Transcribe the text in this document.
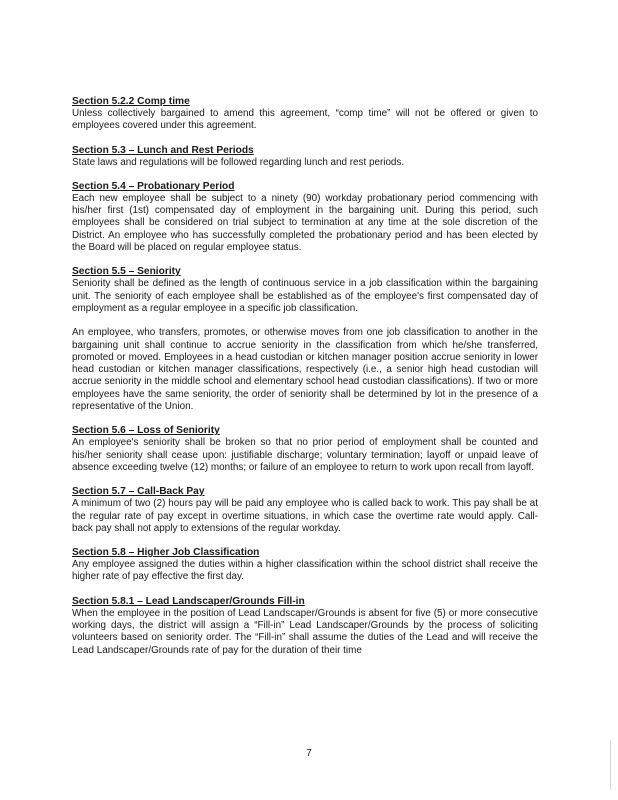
Section 5.2.2 Comp time

Unless collectively bargained to amend this agreement, “comp time” will not be offered or given to employees covered under this agreement.

Section 5.3 – Lunch and Rest Periods

State laws and regulations will be followed regarding lunch and rest periods.

Section 5.4 – Probationary Period

Each new employee shall be subject to a ninety (90) workday probationary period commencing with his/her first (1st) compensated day of employment in the bargaining unit. During this period, such employees shall be considered on trial subject to termination at any time at the sole discretion of the District. An employee who has successfully completed the probationary period and has been elected by the Board will be placed on regular employee status.

Section 5.5 – Seniority

Seniority shall be defined as the length of continuous service in a job classification within the bargaining unit. The seniority of each employee shall be established as of the employee's first compensated day of employment as a regular employee in a specific job classification.

An employee, who transfers, promotes, or otherwise moves from one job classification to another in the bargaining unit shall continue to accrue seniority in the classification from which he/she transferred, promoted or moved. Employees in a head custodian or kitchen manager position accrue seniority in lower head custodian or kitchen manager classifications, respectively (i.e., a senior high head custodian will accrue seniority in the middle school and elementary school head custodian classifications). If two or more employees have the same seniority, the order of seniority shall be determined by lot in the presence of a representative of the Union.

Section 5.6 – Loss of Seniority

An employee's seniority shall be broken so that no prior period of employment shall be counted and his/her seniority shall cease upon: justifiable discharge; voluntary termination; layoff or unpaid leave of absence exceeding twelve (12) months; or failure of an employee to return to work upon recall from layoff.

Section 5.7 – Call-Back Pay

A minimum of two (2) hours pay will be paid any employee who is called back to work. This pay shall be at the regular rate of pay except in overtime situations, in which case the overtime rate would apply. Call-back pay shall not apply to extensions of the regular workday.

Section 5.8 – Higher Job Classification

Any employee assigned the duties within a higher classification within the school district shall receive the higher rate of pay effective the first day.

Section 5.8.1 – Lead Landscaper/Grounds Fill-in

When the employee in the position of Lead Landscaper/Grounds is absent for five (5) or more consecutive working days, the district will assign a “Fill-in” Lead Landscaper/Grounds by the process of soliciting volunteers based on seniority order. The “Fill-in” shall assume the duties of the Lead and will receive the Lead Landscaper/Grounds rate of pay for the duration of their time

7
